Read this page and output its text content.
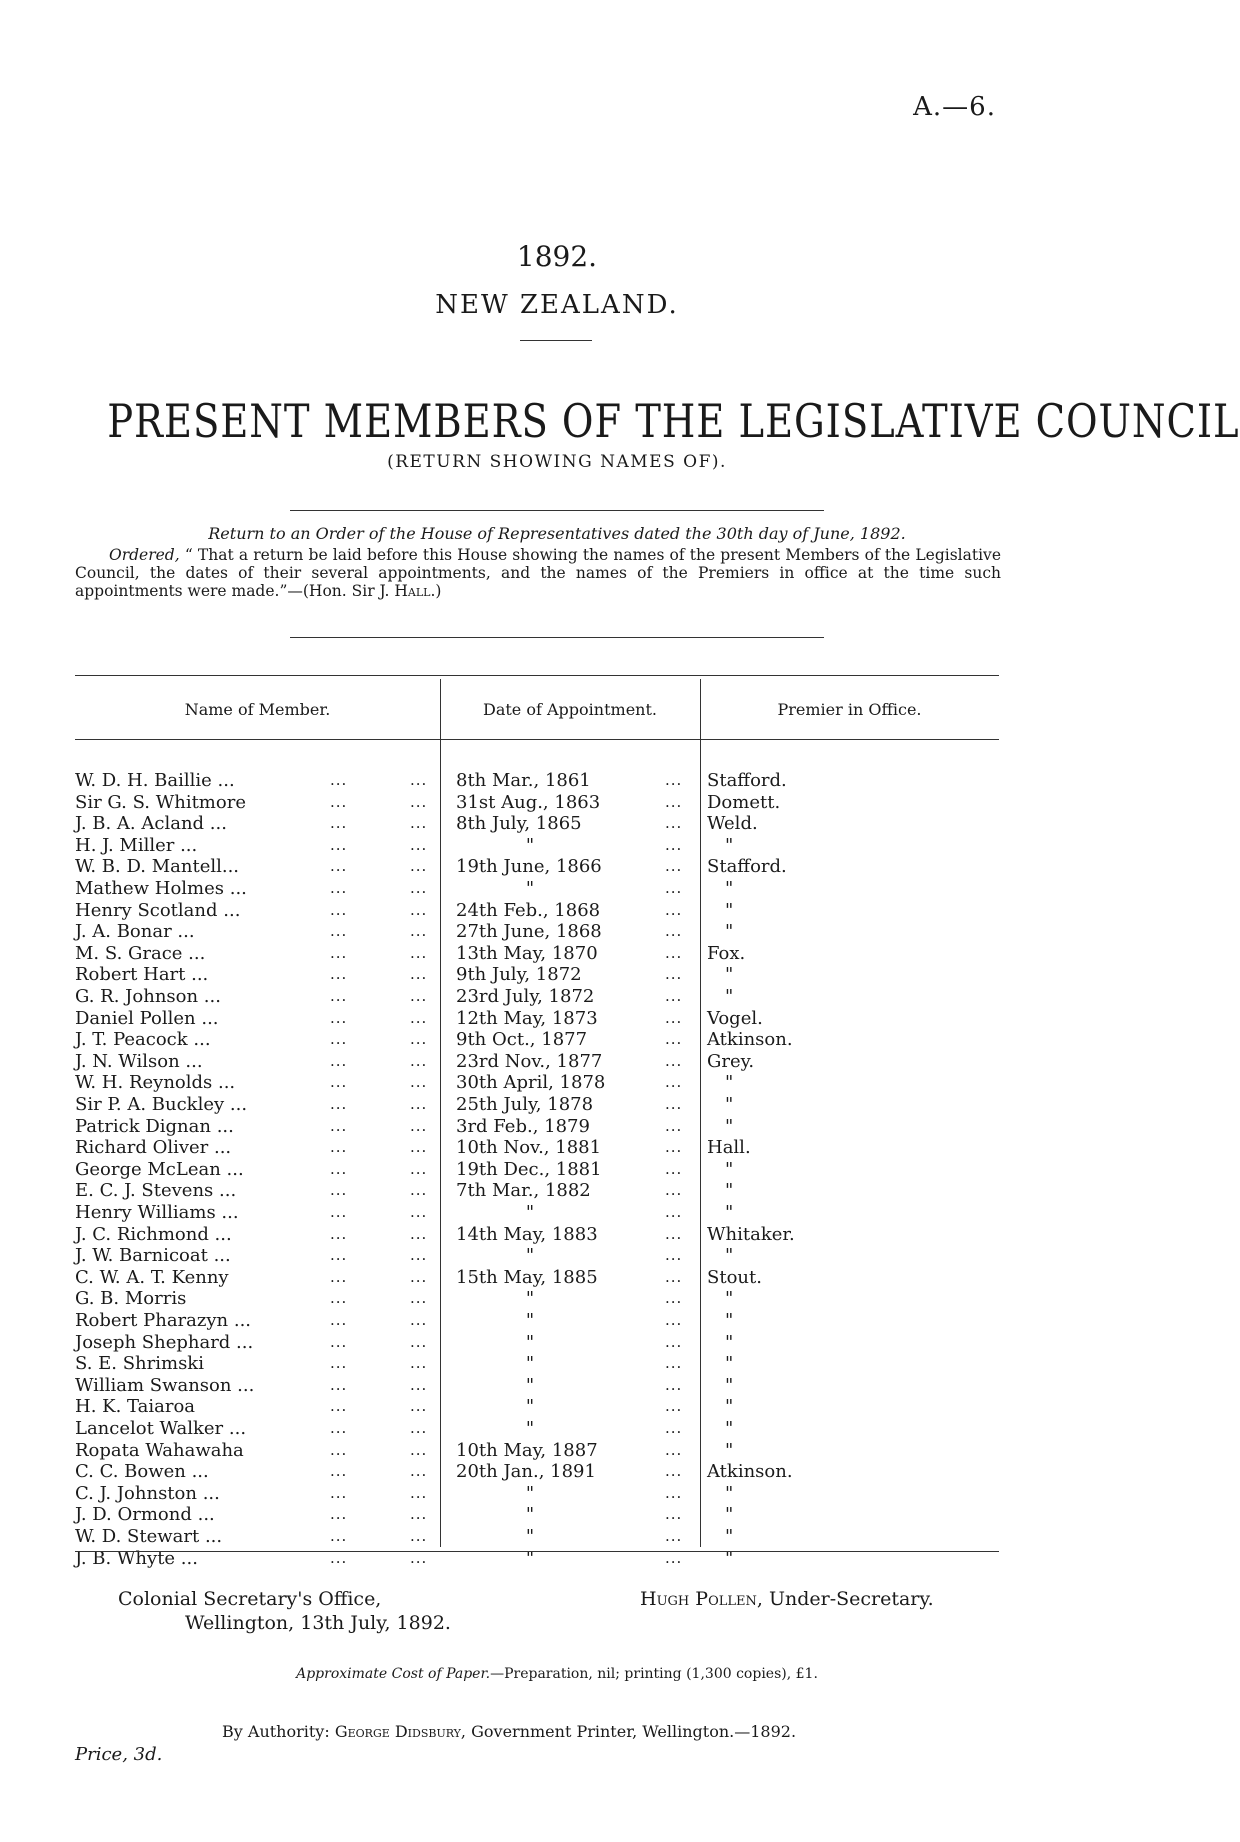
A.—6.
1892.
NEW ZEALAND.
PRESENT MEMBERS OF THE LEGISLATIVE COUNCIL
(RETURN SHOWING NAMES OF).
Return to an Order of the House of Representatives dated the 30th day of June, 1892.
Ordered, “ That a return be laid before this House showing the names of the present Members of the Legislative Council, the dates of their several appointments, and the names of the Premiers in office at the time such appointments were made.”—(Hon. Sir J. Hall.)
Name of Member.	Date of Appointment.	Premier in Office.
W. D. H. Baillie ...	...	...	8th Mar., 1861	... Stafford.
Sir G. S. Whitmore	...	...	31st Aug., 1863	... Domett.
J. B. A. Acland ...	...	...	8th July, 1865	... Weld.
H. J. Miller ...	...	...	"	... "
W. B. D. Mantell...	...	...	19th June, 1866	... Stafford.
Mathew Holmes ...	...	...	"	... "
Henry Scotland ...	...	...	24th Feb., 1868	... "
J. A. Bonar ...	...	...	27th June, 1868	... "
M. S. Grace ...	...	...	13th May, 1870	... Fox.
Robert Hart ...	...	...	9th July, 1872	... "
G. R. Johnson ...	...	...	23rd July, 1872	... "
Daniel Pollen ...	...	...	12th May, 1873	... Vogel.
J. T. Peacock ...	...	...	9th Oct., 1877	... Atkinson.
J. N. Wilson ...	...	...	23rd Nov., 1877	... Grey.
W. H. Reynolds ...	...	...	30th April, 1878	... "
Sir P. A. Buckley ...	...	...	25th July, 1878	... "
Patrick Dignan ...	...	...	3rd Feb., 1879	... "
Richard Oliver ...	...	...	10th Nov., 1881	... Hall.
George McLean ...	...	...	19th Dec., 1881	... "
E. C. J. Stevens ...	...	...	7th Mar., 1882	... "
Henry Williams ...	...	...	"	... "
J. C. Richmond ...	...	...	14th May, 1883	... Whitaker.
J. W. Barnicoat ...	...	...	"	... "
C. W. A. T. Kenny	...	...	15th May, 1885	... Stout.
G. B. Morris	...	...	"	... "
Robert Pharazyn ...	...	...	"	... "
Joseph Shephard ...	...	...	"	... "
S. E. Shrimski	...	...	"	... "
William Swanson ...	...	...	"	... "
H. K. Taiaroa	...	...	"	... "
Lancelot Walker ...	...	...	"	... "
Ropata Wahawaha	...	...	10th May, 1887	... "
C. C. Bowen ...	...	...	20th Jan., 1891	... Atkinson.
C. J. Johnston ...	...	...	"	... "
J. D. Ormond ...	...	...	"	... "
W. D. Stewart ...	...	...	"	... "
J. B. Whyte ...	...	...	"	... "
Colonial Secretary's Office,
Wellington, 13th July, 1892.
Hugh Pollen, Under-Secretary.
Approximate Cost of Paper.—Preparation, nil; printing (1,300 copies), £1.
By Authority: George Didsbury, Government Printer, Wellington.—1892.
Price, 3d.
